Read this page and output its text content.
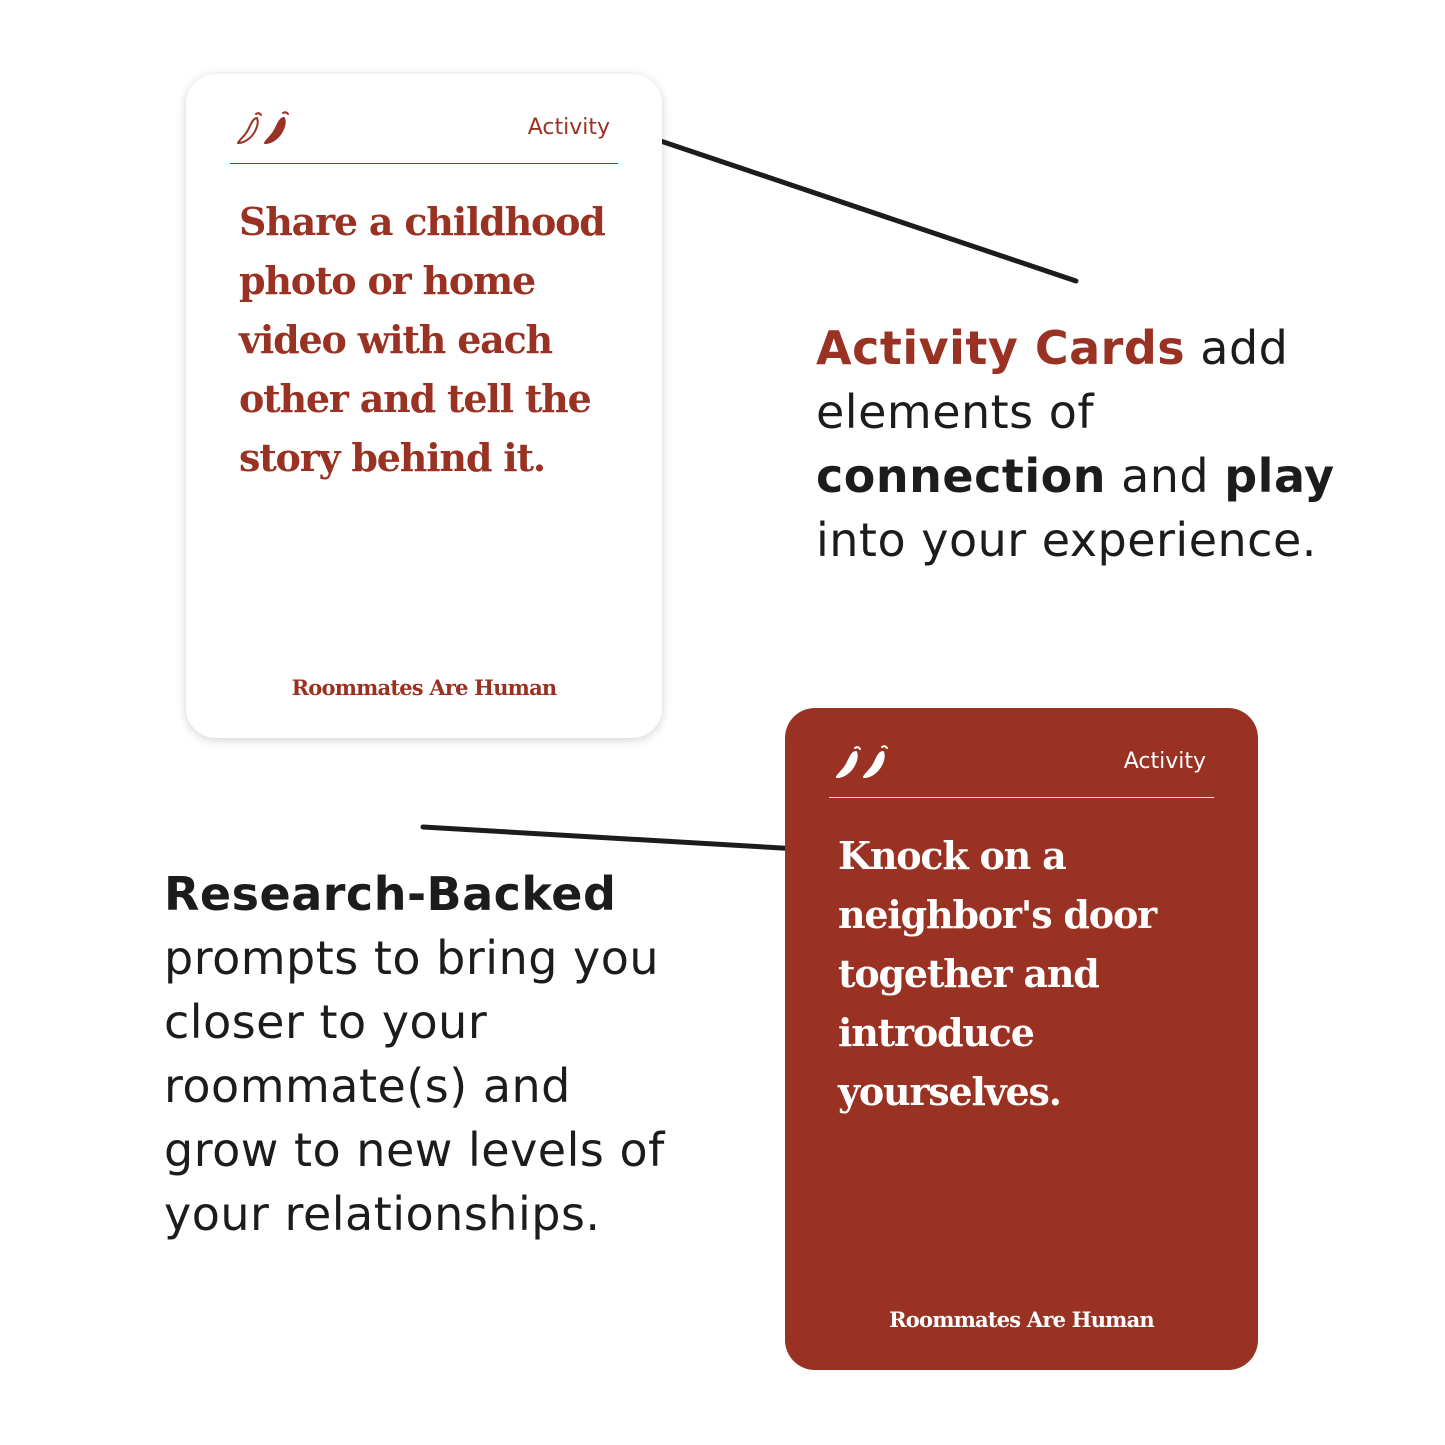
Activity
Share a childhood
photo or home
video with each
other and tell the
story behind it.
Roommates Are Human
Activity
Knock on a
neighbor's door
together and
introduce
yourselves.
Roommates Are Human
Activity Cards add
elements of
connection and play
into your experience.
Research-Backed
prompts to bring you
closer to your
roommate(s) and
grow to new levels of
your relationships.
